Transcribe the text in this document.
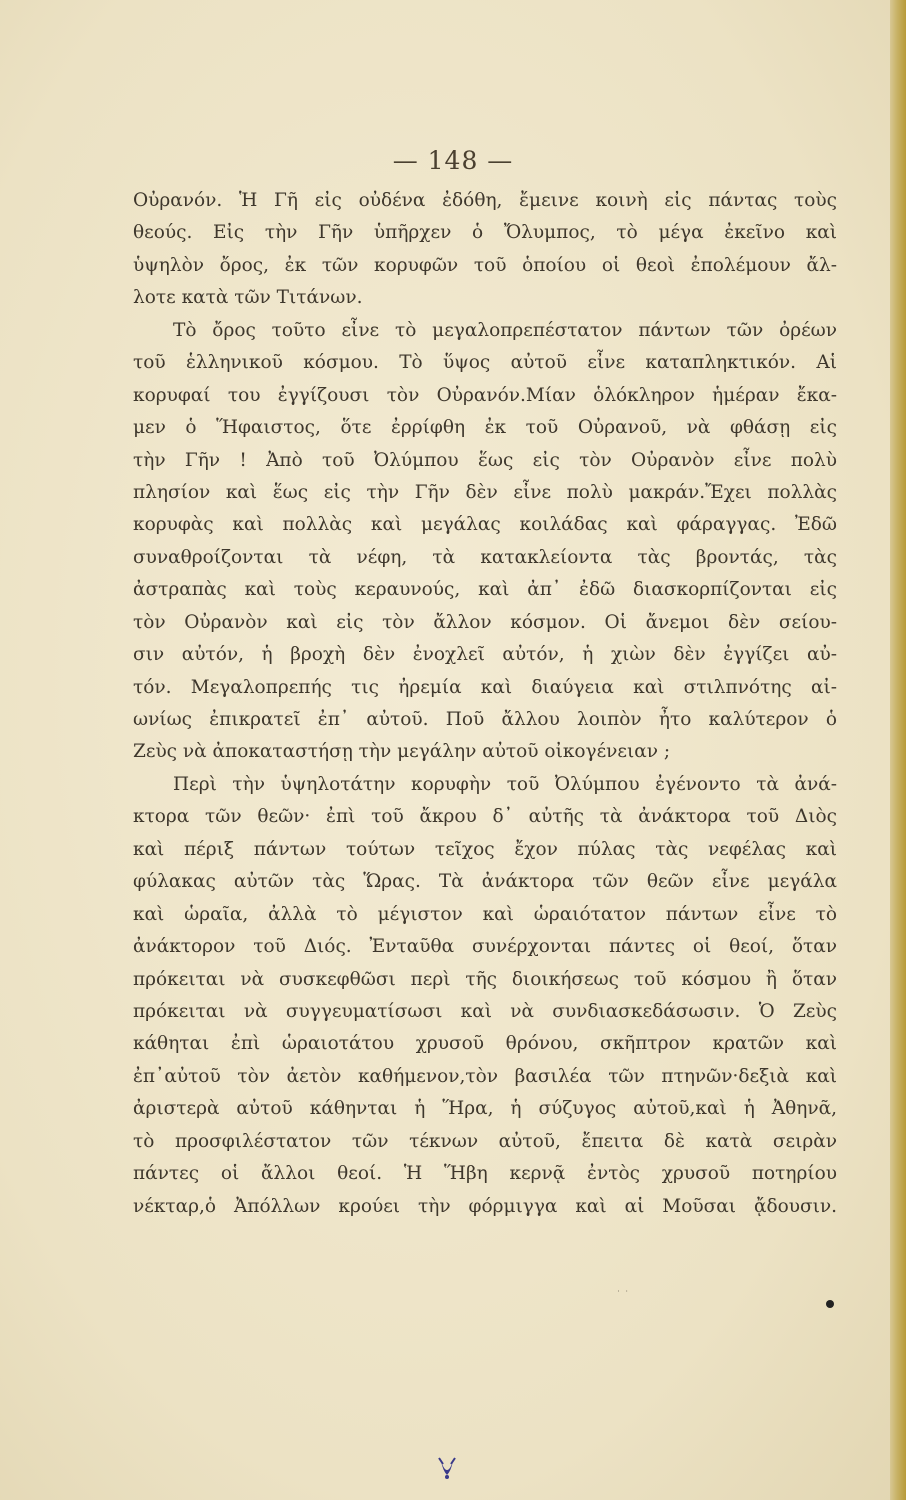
— 148 —
Οὐρανόν. Ἡ Γῆ εἰς οὐδένα ἐδόθη, ἔμεινε κοινὴ εἰς πάντας τοὺς
θεούς. Εἰς τὴν Γῆν ὑπῆρχεν ὁ Ὄλυμπος, τὸ μέγα ἐκεῖνο καὶ
ὑψηλὸν ὄρος, ἐκ τῶν κορυφῶν τοῦ ὁποίου οἱ θεοὶ ἐπολέμουν ἄλ-
λοτε κατὰ τῶν Τιτάνων.
Τὸ ὄρος τοῦτο εἶνε τὸ μεγαλοπρεπέστατον πάντων τῶν ὀρέων
τοῦ ἑλληνικοῦ κόσμου. Τὸ ὕψος αὐτοῦ εἶνε καταπληκτικόν. Αἱ
κορυφαί του ἐγγίζουσι τὸν Οὐρανόν.Μίαν ὁλόκληρον ἡμέραν ἔκα-
μεν ὁ Ἥφαιστος, ὅτε ἐρρίφθη ἐκ τοῦ Οὐρανοῦ, νὰ φθάσῃ εἰς
τὴν Γῆν ! Ἀπὸ τοῦ Ὀλύμπου ἕως εἰς τὸν Οὐρανὸν εἶνε πολὺ
πλησίον καὶ ἕως εἰς τὴν Γῆν δὲν εἶνε πολὺ μακράν.Ἔχει πολλὰς
κορυφὰς καὶ πολλὰς καὶ μεγάλας κοιλάδας καὶ φάραγγας. Ἐδῶ
συναθροίζονται τὰ νέφη, τὰ κατακλείοντα τὰς βροντάς, τὰς
ἀστραπὰς καὶ τοὺς κεραυνούς, καὶ ἀπ᾽ ἐδῶ διασκορπίζονται εἰς
τὸν Οὐρανὸν καὶ εἰς τὸν ἄλλον κόσμον. Οἱ ἄνεμοι δὲν σείου-
σιν αὐτόν, ἡ βροχὴ δὲν ἐνοχλεῖ αὐτόν, ἡ χιὼν δὲν ἐγγίζει αὐ-
τόν. Μεγαλοπρεπής τις ἠρεμία καὶ διαύγεια καὶ στιλπνότης αἰ-
ωνίως ἐπικρατεῖ ἐπ᾽ αὐτοῦ. Ποῦ ἄλλου λοιπὸν ἦτο καλύτερον ὁ
Ζεὺς νὰ ἀποκαταστήσῃ τὴν μεγάλην αὐτοῦ οἰκογένειαν ;
Περὶ τὴν ὑψηλοτάτην κορυφὴν τοῦ Ὀλύμπου ἐγένοντο τὰ ἀνά-
κτορα τῶν θεῶν· ἐπὶ τοῦ ἄκρου δ᾽ αὐτῆς τὰ ἀνάκτορα τοῦ Διὸς
καὶ πέριξ πάντων τούτων τεῖχος ἔχον πύλας τὰς νεφέλας καὶ
φύλακας αὐτῶν τὰς Ὥρας. Τὰ ἀνάκτορα τῶν θεῶν εἶνε μεγάλα
καὶ ὡραῖα, ἀλλὰ τὸ μέγιστον καὶ ὡραιότατον πάντων εἶνε τὸ
ἀνάκτορον τοῦ Διός. Ἐνταῦθα συνέρχονται πάντες οἱ θεοί, ὅταν
πρόκειται νὰ συσκεφθῶσι περὶ τῆς διοικήσεως τοῦ κόσμου ἢ ὅταν
πρόκειται νὰ συγγευματίσωσι καὶ νὰ συνδιασκεδάσωσιν. Ὁ Ζεὺς
κάθηται ἐπὶ ὡραιοτάτου χρυσοῦ θρόνου, σκῆπτρον κρατῶν καὶ
ἐπ᾽αὐτοῦ τὸν ἀετὸν καθήμενον,τὸν βασιλέα τῶν πτηνῶν·δεξιὰ καὶ
ἀριστερὰ αὐτοῦ κάθηνται ἡ Ἥρα, ἡ σύζυγος αὐτοῦ,καὶ ἡ Ἀθηνᾶ,
τὸ προσφιλέστατον τῶν τέκνων αὐτοῦ, ἔπειτα δὲ κατὰ σειρὰν
πάντες οἱ ἄλλοι θεοί. Ἡ Ἥβη κερνᾷ ἐντὸς χρυσοῦ ποτηρίου
νέκταρ,ὁ Ἀπόλλων κρούει τὴν φόρμιγγα καὶ αἱ Μοῦσαι ᾄδουσιν.
˙ ˙
